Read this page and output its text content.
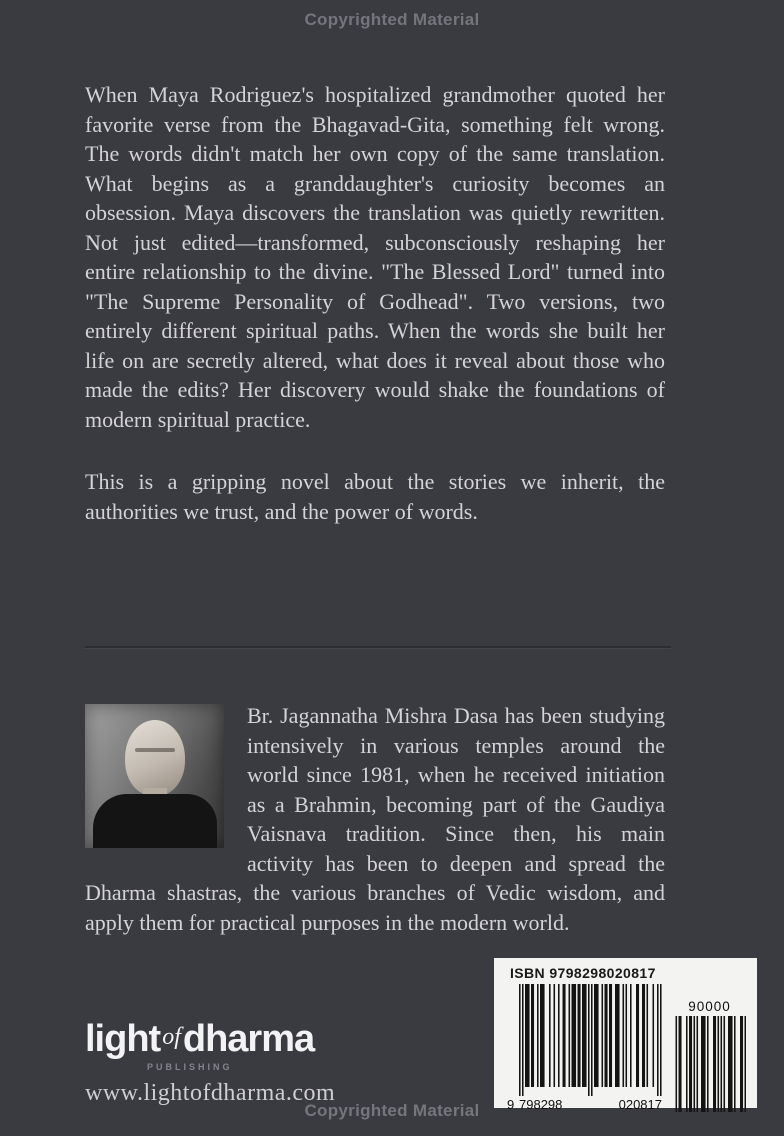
Copyrighted Material

When Maya Rodriguez's hospitalized grandmother quoted her favorite verse from the Bhagavad-Gita, something felt wrong. The words didn't match her own copy of the same translation. What begins as a granddaughter's curiosity becomes an obsession. Maya discovers the translation was quietly rewritten. Not just edited—transformed, subconsciously reshaping her entire relationship to the divine. "The Blessed Lord" turned into "The Supreme Personality of Godhead". Two versions, two entirely different spiritual paths. When the words she built her life on are secretly altered, what does it reveal about those who made the edits? Her discovery would shake the foundations of modern spiritual practice.

This is a gripping novel about the stories we inherit, the authorities we trust, and the power of words.

Br. Jagannatha Mishra Dasa has been studying intensively in various temples around the world since 1981, when he received initiation as a Brahmin, becoming part of the Gaudiya Vaisnava tradition. Since then, his main activity has been to deepen and spread the Dharma shastras, the various branches of Vedic wisdom, and apply them for practical purposes in the modern world.

lightofdharma
PUBLISHING
www.lightofdharma.com
ISBN 9798298020817
9 798298	020817
90000
Copyrighted Material
